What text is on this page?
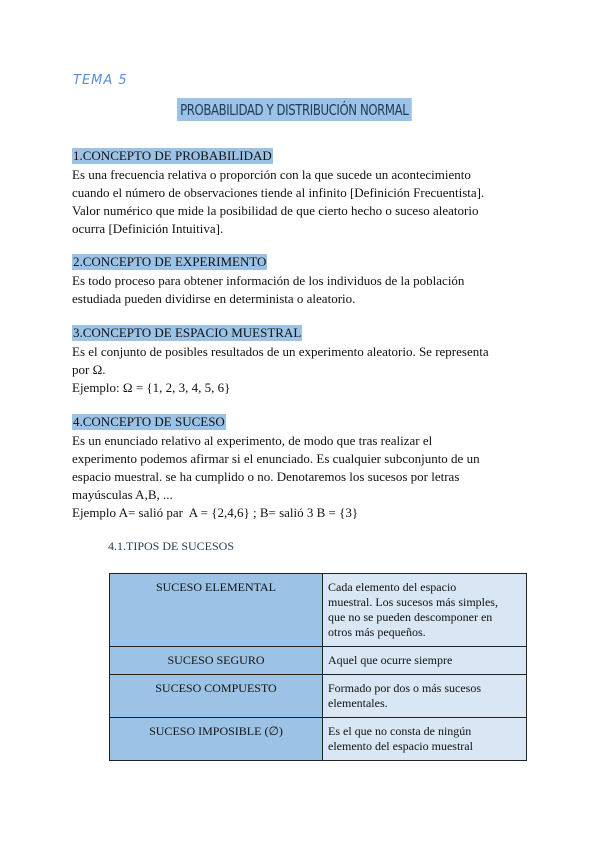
TEMA 5
PROBABILIDAD Y DISTRIBUCIÓN NORMAL
1.CONCEPTO DE PROBABILIDAD
Es una frecuencia relativa o proporción con la que sucede un acontecimiento
cuando el número de observaciones tiende al infinito [Definición Frecuentista].
Valor numérico que mide la posibilidad de que cierto hecho o suceso aleatorio
ocurra [Definición Intuitiva].
2.CONCEPTO DE EXPERIMENTO
Es todo proceso para obtener información de los individuos de la población
estudiada pueden dividirse en determinista o aleatorio.
3.CONCEPTO DE ESPACIO MUESTRAL
Es el conjunto de posibles resultados de un experimento aleatorio. Se representa
por Ω.
Ejemplo: Ω = {1, 2, 3, 4, 5, 6}
4.CONCEPTO DE SUCESO
Es un enunciado relativo al experimento, de modo que tras realizar el
experimento podemos afirmar si el enunciado. Es cualquier subconjunto de un
espacio muestral. se ha cumplido o no. Denotaremos los sucesos por letras
mayúsculas A,B, ...
Ejemplo A= salió par  A = {2,4,6} ; B= salió 3 B = {3}
4.1.TIPOS DE SUCESOS
SUCESO ELEMENTAL	Cada elemento del espacio
muestral. Los sucesos más simples,
que no se pueden descomponer en
otros más pequeños.

SUCESO SEGURO	Aquel que ocurre siempre

SUCESO COMPUESTO	Formado por dos o más sucesos
elementales.

SUCESO IMPOSIBLE (∅)	Es el que no consta de ningún
elemento del espacio muestral
